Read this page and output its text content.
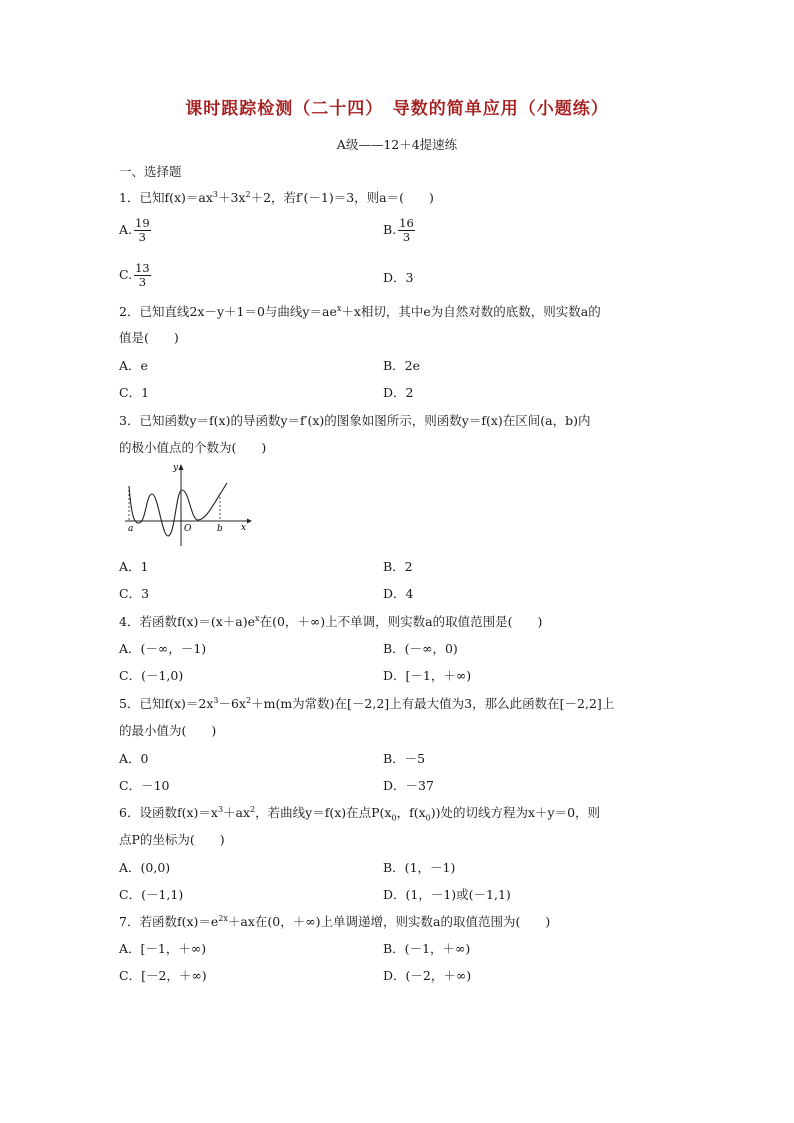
课时跟踪检测（二十四）　导数的简单应用（小题练）
A级——12＋4提速练
一、选择题
1．已知$f(x)=ax^3+3x^2+2$，若f′(－1)＝3，则a＝(　　)
A. $\frac{19}{3}$	B. $\frac{16}{3}$
C. $\frac{13}{3}$	D．3
2．已知直线2x－y＋1＝0与曲线$y=ae^x+x$相切，其中e为自然对数的底数，则实数a的
值是(　　)
A．e	B．2e
C．1	D．2
3．已知函数y＝f(x)的导函数y＝f′(x)的图象如图所示，则函数y＝f(x)在区间(a，b)内
的极小值点的个数为(　　)
y
x
a	O	b
A．1	B．2
C．3	D．4
4．若函数$f(x)=(x+a)e^x$在(0，＋∞)上不单调，则实数a的取值范围是(　　)
A．(－∞，－1)	B．(－∞，0)
C．(－1,0)	D．[－1，＋∞)
5．已知$f(x)=2x^3-6x^2+m(m$为常数)在[－2,2]上有最大值为3，那么此函数在[－2,2]上
的最小值为(　　)
A．0	B．－5
C．－10	D．－37
6．设函数$f(x)=x^3+ax^2$，若曲线y＝f(x)在点$P(x_0$，$f(x_0)$)处的切线方程为x＋y＝0，则
点P的坐标为(　　)
A．(0,0)	B．(1，－1)
C．(－1,1)	D．(1，－1)或(－1,1)
7．若函数$f(x)=e^{2x}+ax$在(0，＋∞)上单调递增，则实数a的取值范围为(　　)
A．[－1，＋∞)	B．(－1，＋∞)
C．[－2，＋∞)	D．(－2，＋∞)
